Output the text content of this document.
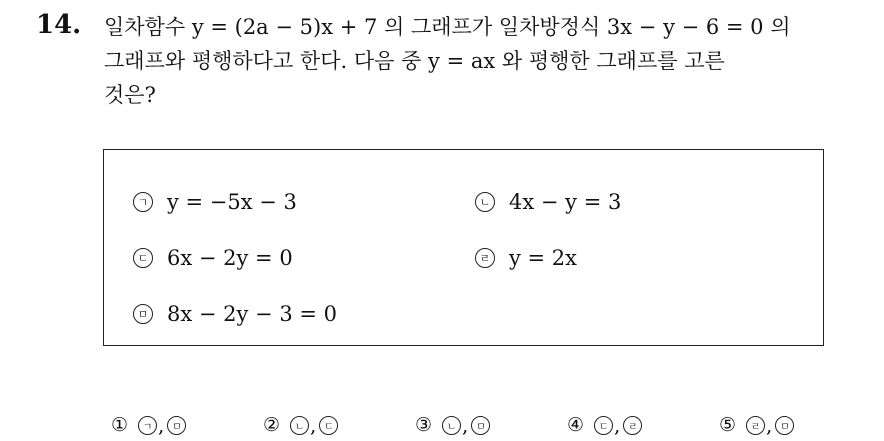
14. 일차함수 y = (2a − 5)x + 7 의 그래프가 일차방정식 3x − y − 6 = 0 의
그래프와 평행하다고 한다. 다음 중 y = ax 와 평행한 그래프를 고른
것은?
ㄱ y = −5x − 3	ㄴ 4x − y = 3
ㄷ 6x − 2y = 0	ㄹ y = 2x
ㅁ 8x − 2y − 3 = 0
①	ㄱ , ㅁ	②	ㄴ , ㄷ	③	ㄴ , ㅁ	④	ㄷ , ㄹ	⑤	ㄹ , ㅁ
